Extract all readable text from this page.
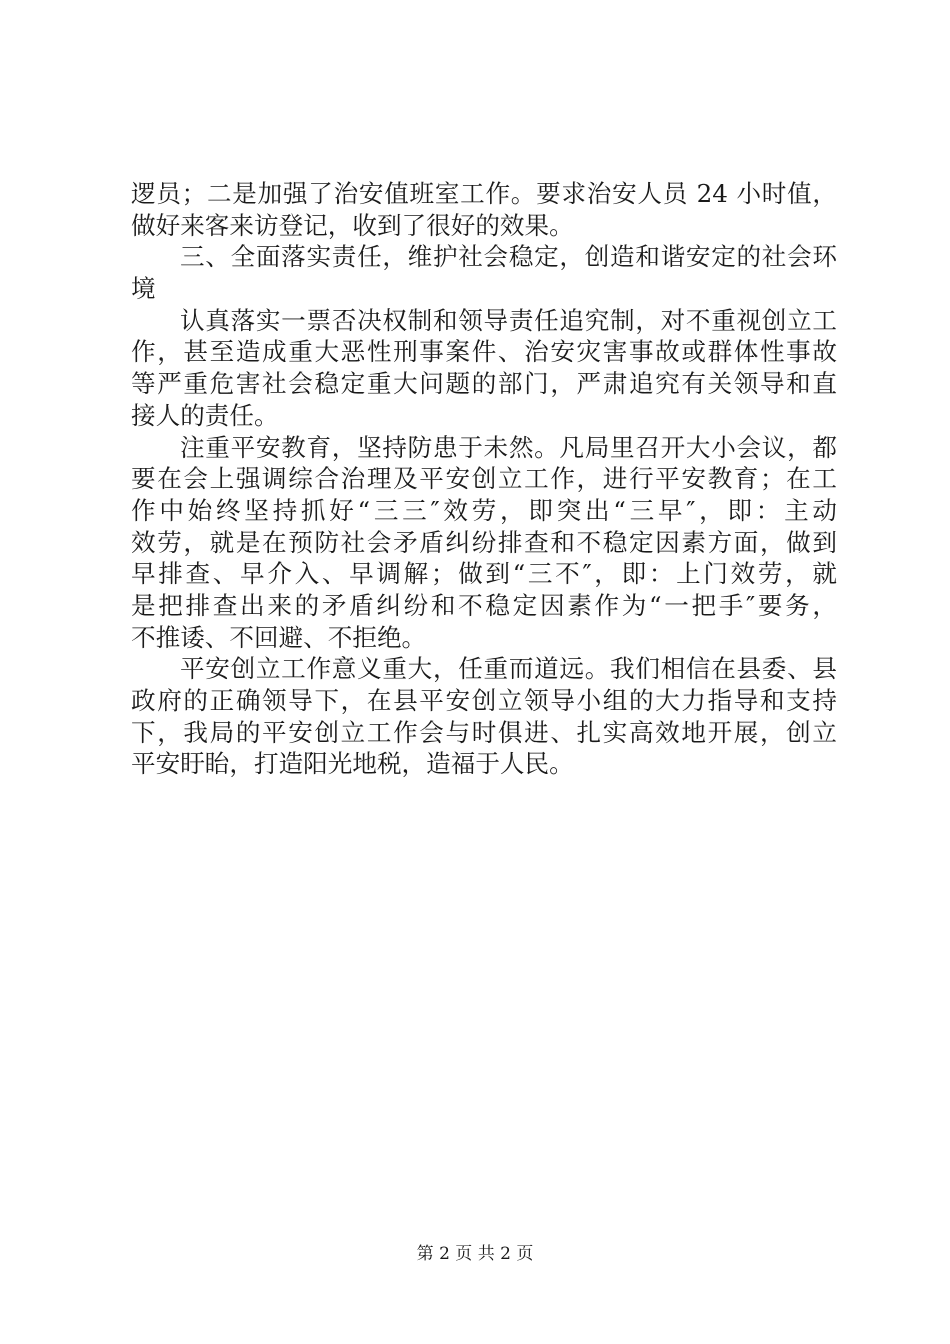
逻员；二是加强了治安值班室工作。要求治安人员 24 小时值，
做好来客来访登记，收到了很好的效果。
三、全面落实责任，维护社会稳定，创造和谐安定的社会环
境
认真落实一票否决权制和领导责任追究制，对不重视创立工
作，甚至造成重大恶性刑事案件、治安灾害事故或群体性事故
等严重危害社会稳定重大问题的部门，严肃追究有关领导和直
接人的责任。
注重平安教育，坚持防患于未然。凡局里召开大小会议，都
要在会上强调综合治理及平安创立工作，进行平安教育；在工
作中始终坚持抓好“三三″效劳，即突出“三早″，即：主动
效劳，就是在预防社会矛盾纠纷排查和不稳定因素方面，做到
早排查、早介入、早调解；做到“三不″，即：上门效劳，就
是把排查出来的矛盾纠纷和不稳定因素作为“一把手″要务，
不推诿、不回避、不拒绝。
平安创立工作意义重大，任重而道远。我们相信在县委、县
政府的正确领导下，在县平安创立领导小组的大力指导和支持
下，我局的平安创立工作会与时俱进、扎实高效地开展，创立
平安盱眙，打造阳光地税，造福于人民。
第 2 页 共 2 页
